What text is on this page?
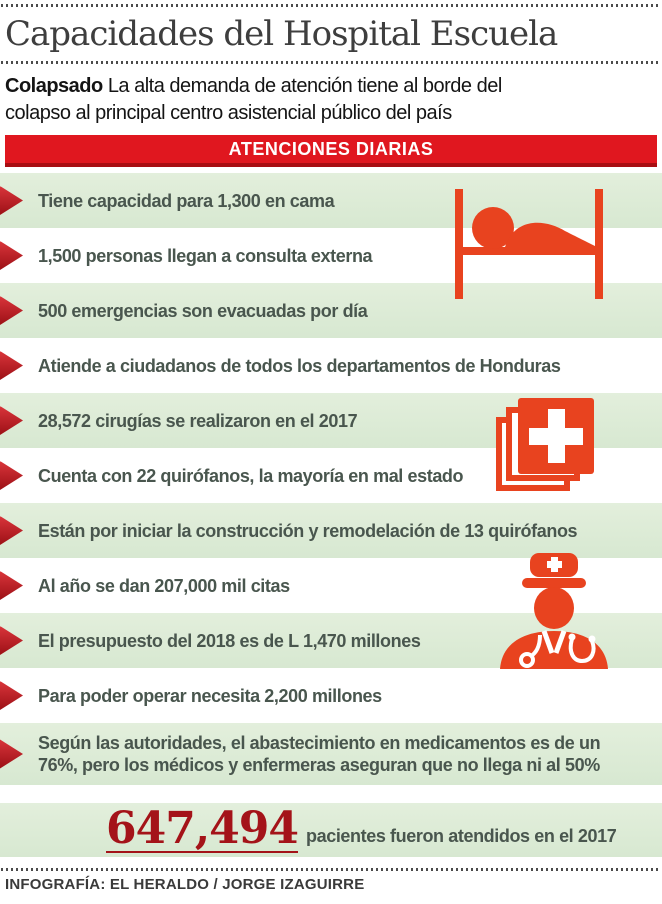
Capacidades del Hospital Escuela

Colapsado La alta demanda de atención tiene al borde del colapso al principal centro asistencial público del país

ATENCIONES DIARIAS
Tiene capacidad para 1,300 en cama
1,500 personas llegan a consulta externa
500 emergencias son evacuadas por día
Atiende a ciudadanos de todos los departamentos de Honduras
28,572 cirugías se realizaron en el 2017
Cuenta con 22 quirófanos, la mayoría en mal estado
Están por iniciar la construcción y remodelación de 13 quirófanos
Al año se dan 207,000 mil citas
El presupuesto del 2018 es de L 1,470 millones
Para poder operar necesita 2,200 millones
Según las autoridades, el abastecimiento en medicamentos es de un 76%, pero los médicos y enfermeras aseguran que no llega ni al 50%
647,494 pacientes fueron atendidos en el 2017
INFOGRAFÍA: EL HERALDO / JORGE IZAGUIRRE
